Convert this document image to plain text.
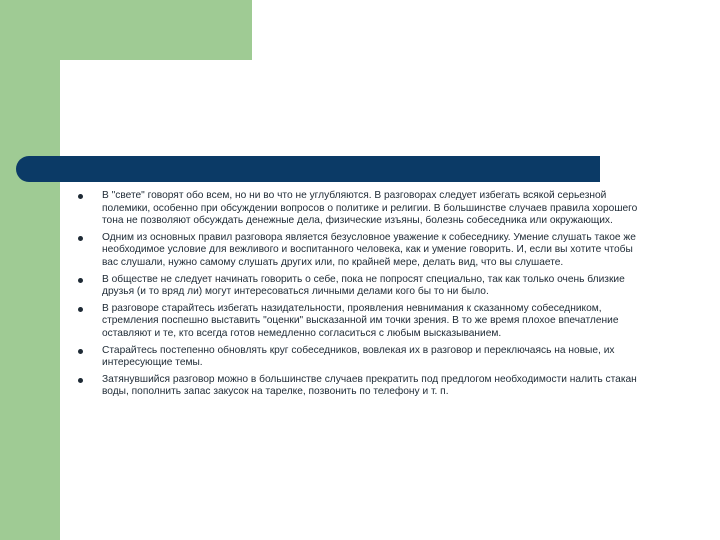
В "свете" говорят обо всем, но ни во что не углубляются. В разговорах следует избегать всякой серьезной полемики, особенно при обсуждении вопросов о политике и религии. В большинстве случаев правила хорошего тона не позволяют обсуждать денежные дела, физические изъяны, болезнь собеседника или окружающих.
Одним из основных правил разговора является безусловное уважение к собеседнику. Умение слушать такое же необходимое условие для вежливого и воспитанного человека, как и умение говорить. И, если вы хотите чтобы вас слушали, нужно самому слушать других или, по крайней мере, делать вид, что вы слушаете.
В обществе не следует начинать говорить о себе, пока не попросят специально, так как только очень близкие друзья (и то вряд ли) могут интересоваться личными делами кого бы то ни было.
В разговоре старайтесь избегать назидательности, проявления невнимания к сказанному собеседником, стремления поспешно выставить "оценки" высказанной им точки зрения. В то же время плохое впечатление оставляют и те, кто всегда готов немедленно согласиться с любым высказыванием.
Старайтесь постепенно обновлять круг собеседников, вовлекая их в разговор и переключаясь на новые, их интересующие темы.
Затянувшийся разговор можно в большинстве случаев прекратить под предлогом необходимости налить стакан воды, пополнить запас закусок на тарелке, позвонить по телефону и т. п.
